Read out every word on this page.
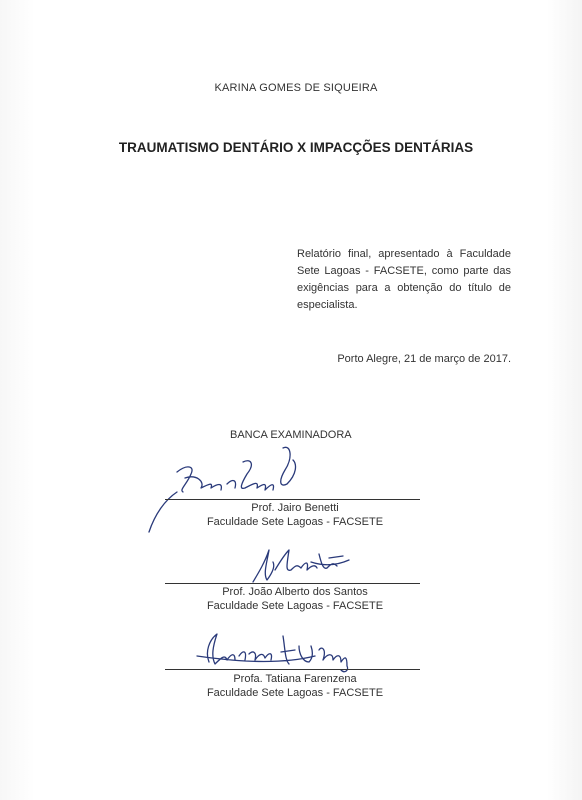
KARINA GOMES DE SIQUEIRA
TRAUMATISMO DENTÁRIO X IMPACÇÕES DENTÁRIAS
Relatório final, apresentado à Faculdade Sete Lagoas - FACSETE, como parte das exigências para a obtenção do título de especialista.
Porto Alegre, 21 de março de 2017.
BANCA EXAMINADORA
Prof. Jairo Benetti
Faculdade Sete Lagoas - FACSETE
Prof. João Alberto dos Santos
Faculdade Sete Lagoas - FACSETE
Profa. Tatiana Farenzena
Faculdade Sete Lagoas - FACSETE
